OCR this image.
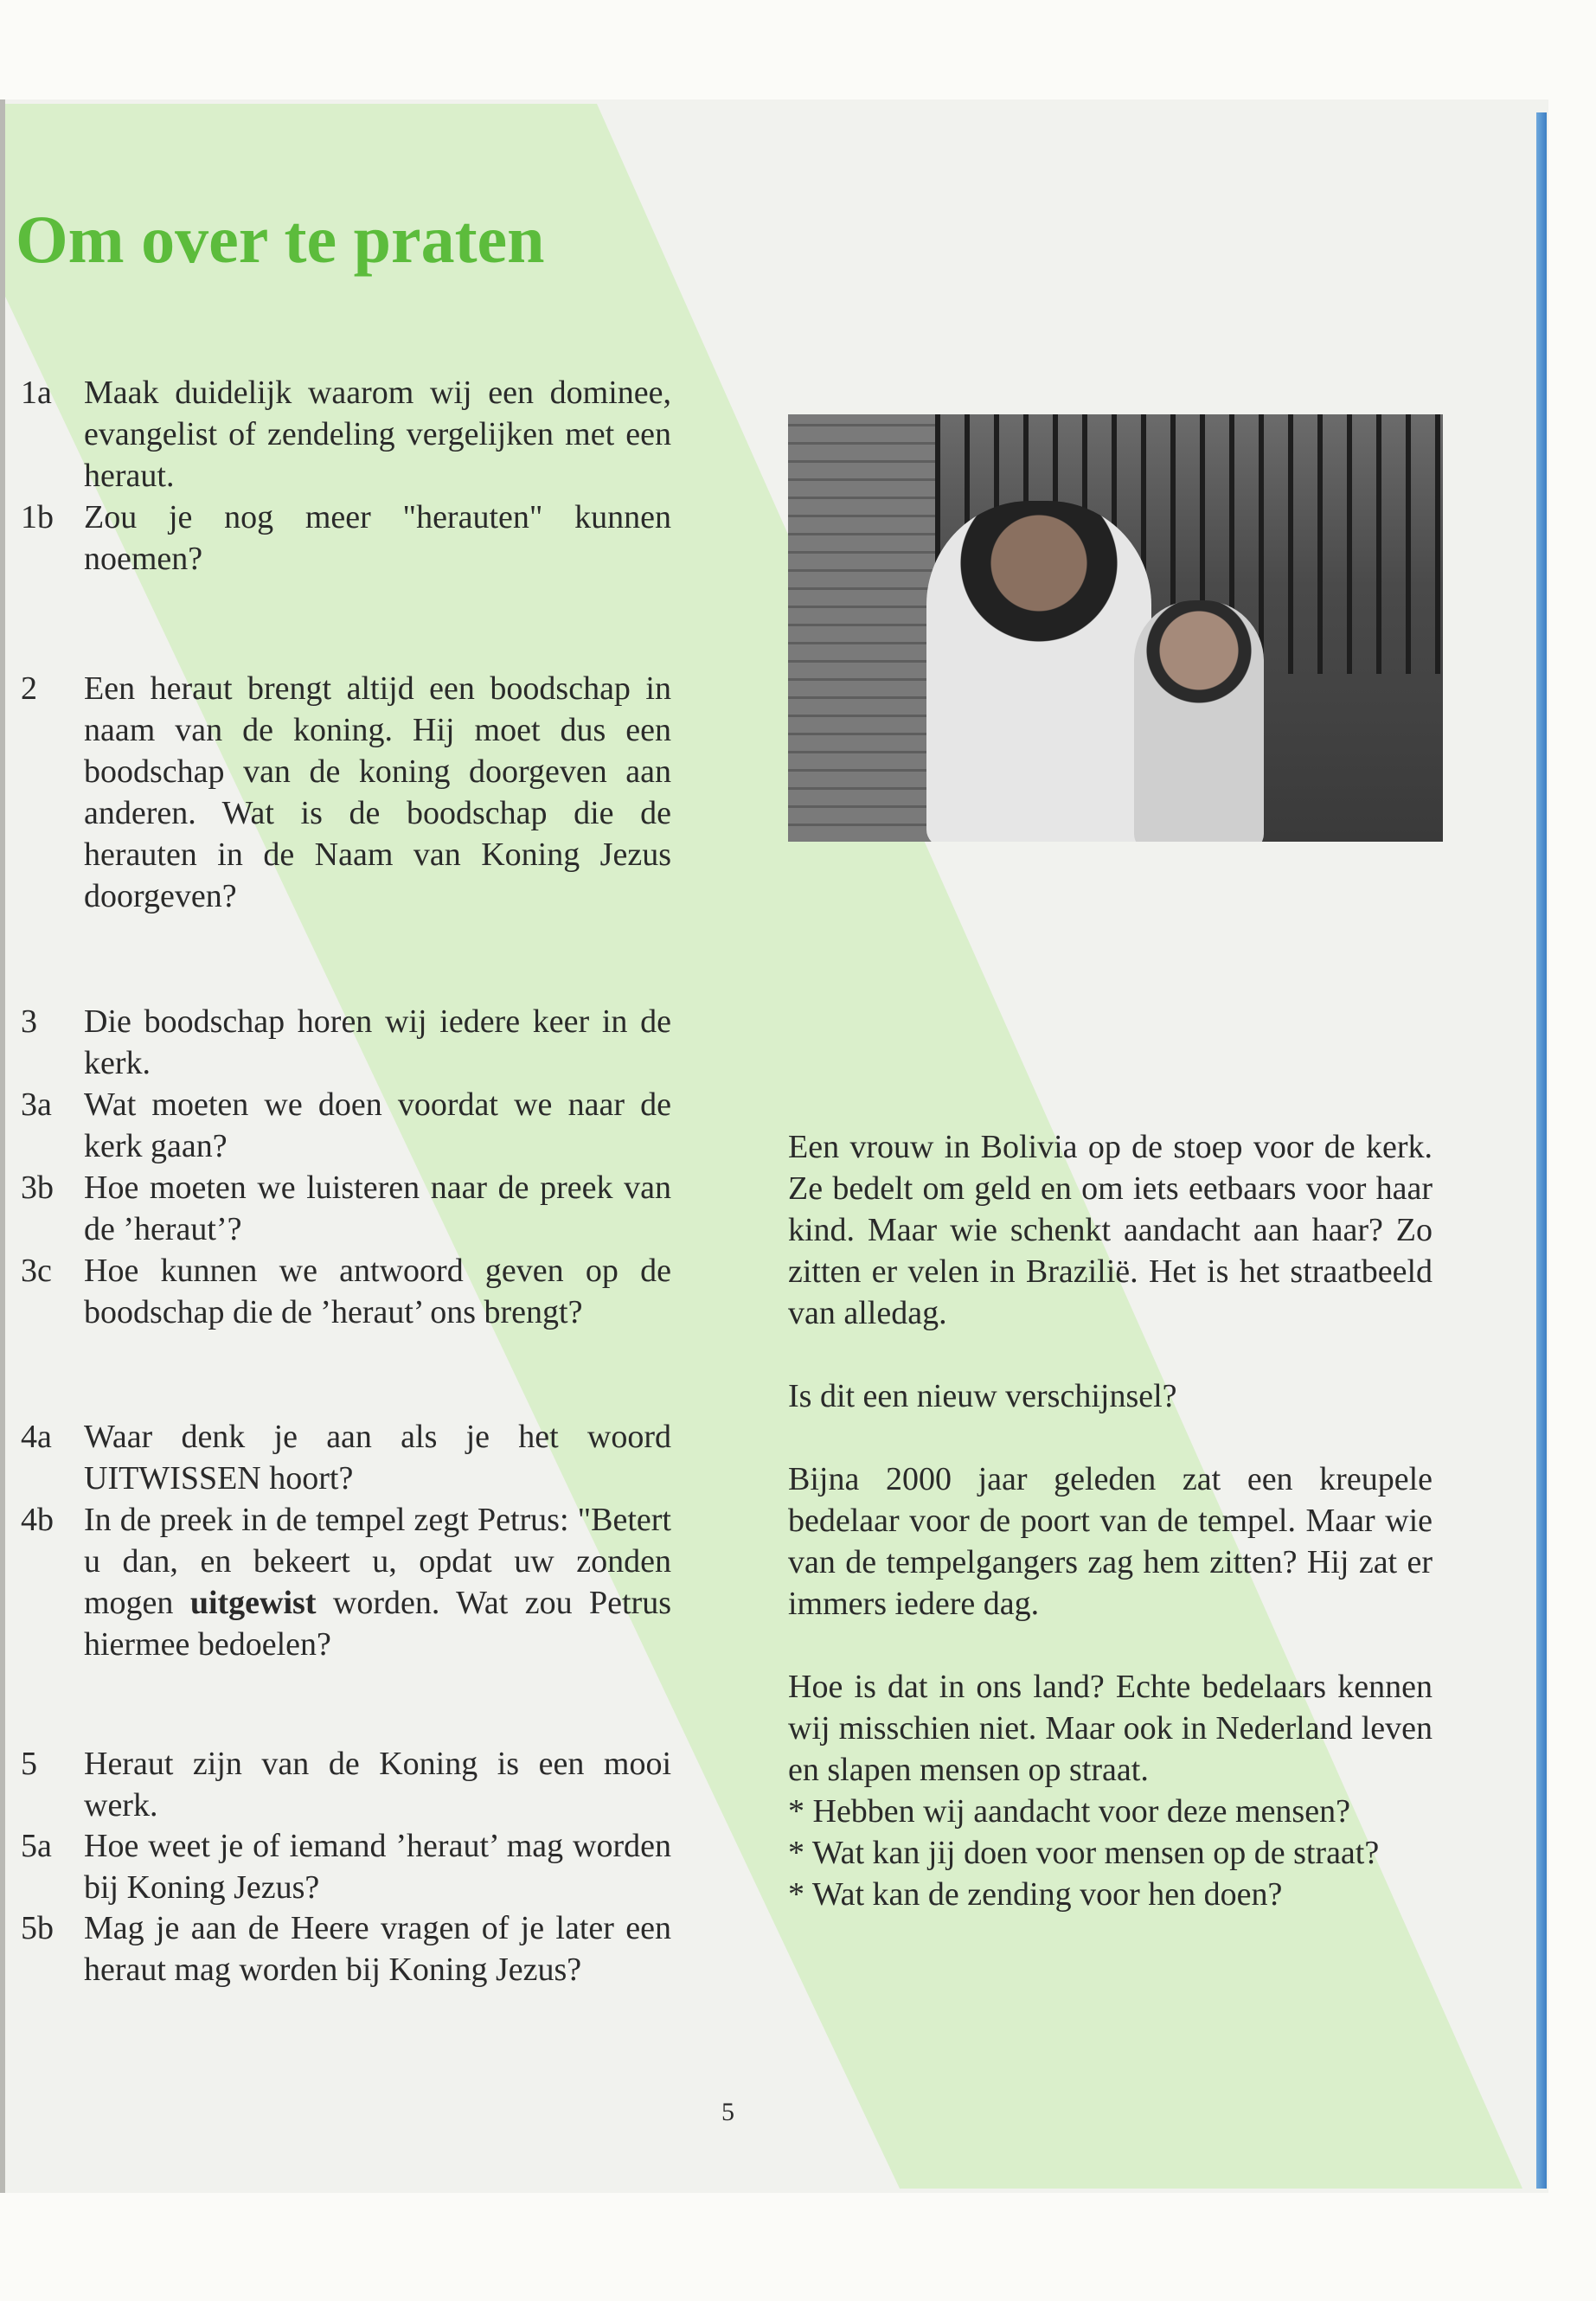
Om over te praten
1a Maak duidelijk waarom wij een dominee, evangelist of zendeling vergelijken met een heraut.
1b Zou je nog meer "herauten" kunnen noemen?
2	Een heraut brengt altijd een boodschap in naam van de koning. Hij moet dus een boodschap van de koning doorgeven aan anderen. Wat is de boodschap die de herauten in de Naam van Koning Jezus doorgeven?
3	Die boodschap horen wij iedere keer in de kerk.
3a Wat moeten we doen voordat we naar de kerk gaan?
3b Hoe moeten we luisteren naar de preek van de ’heraut’?
3c Hoe kunnen we antwoord geven op de boodschap die de ’heraut’ ons brengt?
4a Waar denk je aan als je het woord UITWISSEN hoort?
4b In de preek in de tempel zegt Petrus: "Betert u dan, en bekeert u, opdat uw zonden mogen uitgewist worden. Wat zou Petrus hiermee bedoelen?
5	Heraut zijn van de Koning is een mooi werk.
5a Hoe weet je of iemand ’heraut’ mag worden bij Koning Jezus?
5b Mag je aan de Heere vragen of je later een heraut mag worden bij Koning Jezus?

Een vrouw in Bolivia op de stoep voor de kerk. Ze bedelt om geld en om iets eetbaars voor haar kind. Maar wie schenkt aandacht aan haar? Zo zitten er velen in Brazilië. Het is het straatbeeld van alledag.

Is dit een nieuw verschijnsel?

Bijna 2000 jaar geleden zat een kreupele bedelaar voor de poort van de tempel. Maar wie van de tempelgangers zag hem zitten? Hij zat er immers iedere dag.

Hoe is dat in ons land? Echte bedelaars kennen wij misschien niet. Maar ook in Nederland leven en slapen mensen op straat.

* Hebben wij aandacht voor deze mensen?
* Wat kan jij doen voor mensen op de straat?
* Wat kan de zending voor hen doen?
5
